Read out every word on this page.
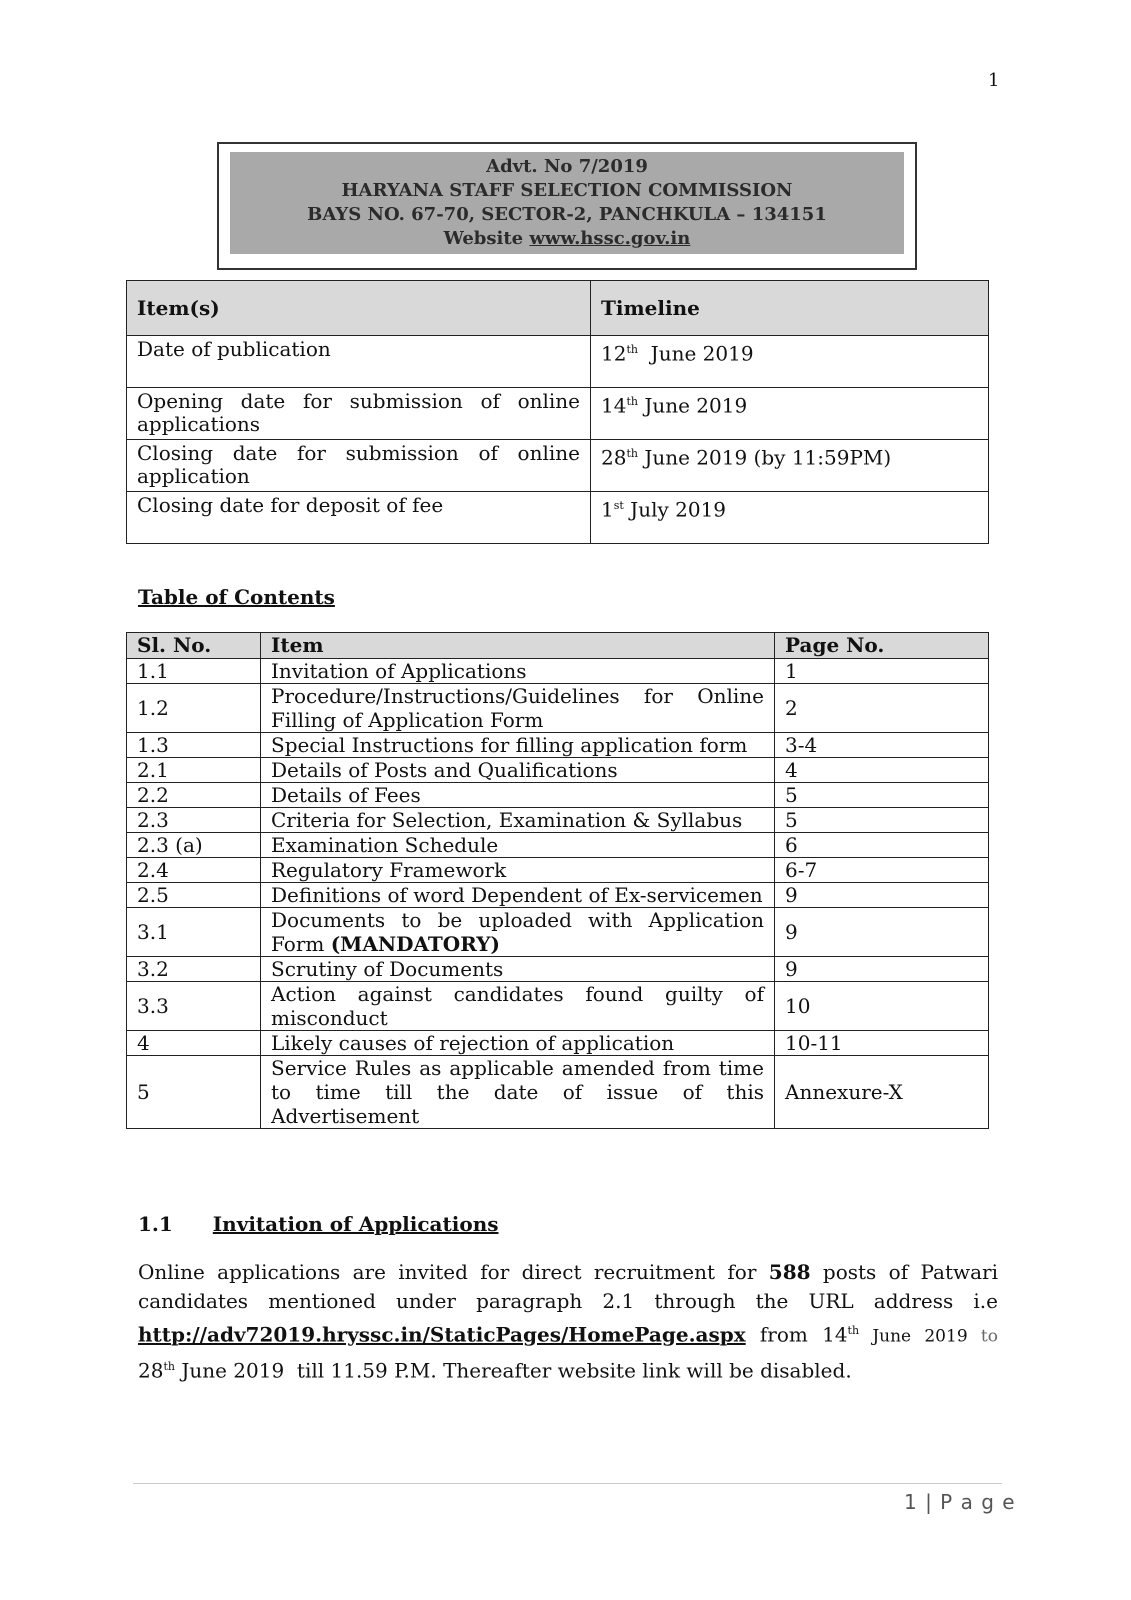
1
Advt. No 7/2019
HARYANA STAFF SELECTION COMMISSION
BAYS NO. 67-70, SECTOR-2, PANCHKULA – 134151
Website www.hssc.gov.in
Item(s)	Timeline
Date of publication	12th  June 2019
Opening date for submission of online applications	14th June 2019
Closing date for submission of online application	28th June 2019 (by 11:59PM)
Closing date for deposit of fee	1st July 2019
Table of Contents
Sl. No.	Item	Page No.
1.1	Invitation of Applications	1
1.2	Procedure/Instructions/Guidelines for Online Filling of Application Form	2
1.3	Special Instructions for filling application form	3-4
2.1	Details of Posts and Qualifications	4
2.2	Details of Fees	5
2.3	Criteria for Selection, Examination & Syllabus	5
2.3 (a)	Examination Schedule	6
2.4	Regulatory Framework	6-7
2.5	Definitions of word Dependent of Ex-servicemen	9
3.1	Documents to be uploaded with Application Form (MANDATORY)	9
3.2	Scrutiny of Documents	9
3.3	Action against candidates found guilty of misconduct	10
4	Likely causes of rejection of application	10-11
5	Service Rules as applicable amended from time to time till the date of issue of this Advertisement	Annexure-X
1.1 Invitation of Applications
Online applications are invited for direct recruitment for 588 posts of Patwari candidates mentioned under paragraph 2.1 through the URL address i.e http://adv72019.hryssc.in/StaticPages/HomePage.aspx from 14th June 2019 to 28th June 2019  till 11.59 P.M. Thereafter website link will be disabled.
1 | P a g e
